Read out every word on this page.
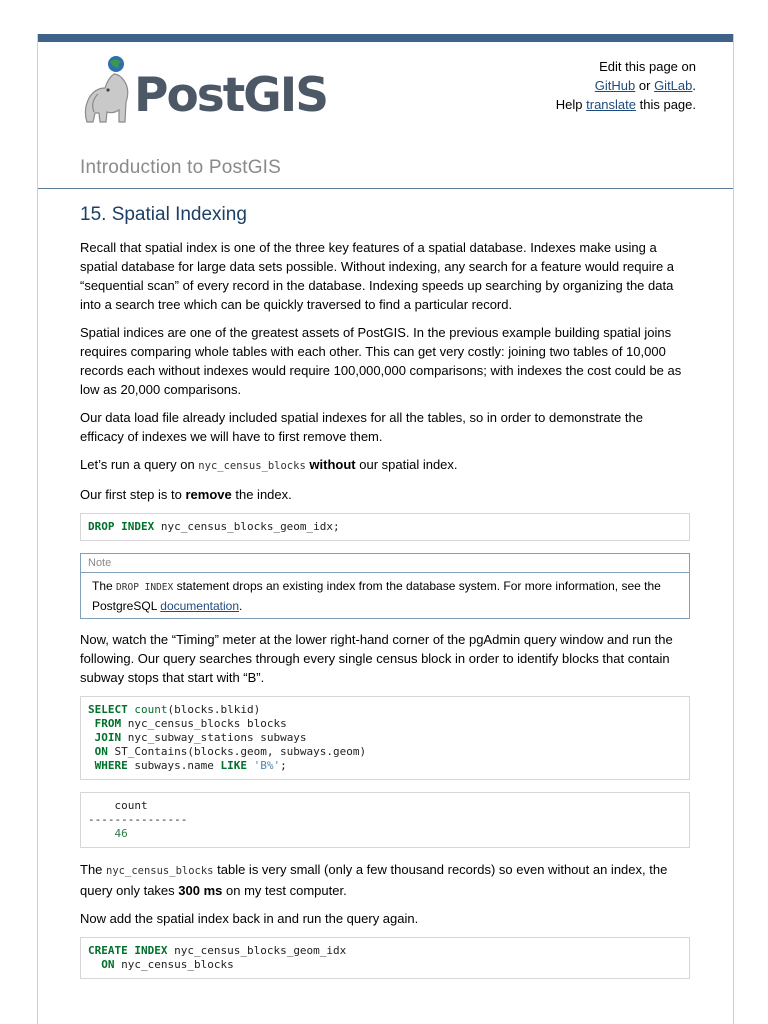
PostGIS
Edit this page on
GitHub or GitLab.
Help translate this page.
Introduction to PostGIS
15. Spatial Indexing

Recall that spatial index is one of the three key features of a spatial database. Indexes make using a spatial database for large data sets possible. Without indexing, any search for a feature would require a “sequential scan” of every record in the database. Indexing speeds up searching by organizing the data into a search tree which can be quickly traversed to find a particular record.

Spatial indices are one of the greatest assets of PostGIS. In the previous example building spatial joins requires comparing whole tables with each other. This can get very costly: joining two tables of 10,000 records each without indexes would require 100,000,000 comparisons; with indexes the cost could be as low as 20,000 comparisons.

Our data load file already included spatial indexes for all the tables, so in order to demonstrate the efficacy of indexes we will have to first remove them.

Let’s run a query on nyc_census_blocks without our spatial index.

Our first step is to remove the index.

DROP INDEX nyc_census_blocks_geom_idx;
Note
The DROP INDEX statement drops an existing index from the database system. For more information, see the PostgreSQL documentation.

Now, watch the “Timing” meter at the lower right-hand corner of the pgAdmin query window and run the following. Our query searches through every single census block in order to identify blocks that contain subway stops that start with “B”.

SELECT count(blocks.blkid)
FROM nyc_census_blocks blocks
JOIN nyc_subway_stations subways
ON ST_Contains(blocks.geom, subways.geom)
WHERE subways.name LIKE 'B%';
count
---------------
46

The nyc_census_blocks table is very small (only a few thousand records) so even without an index, the query only takes 300 ms on my test computer.

Now add the spatial index back in and run the query again.

CREATE INDEX nyc_census_blocks_geom_idx
ON nyc_census_blocks
